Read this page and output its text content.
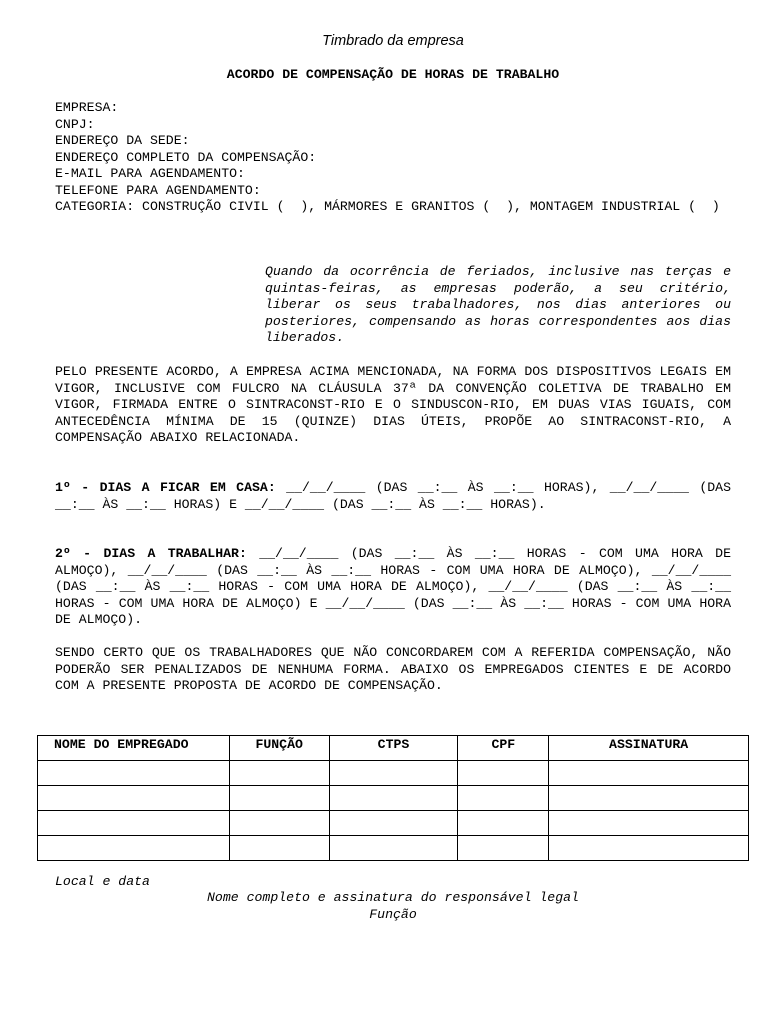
Timbrado da empresa
ACORDO DE COMPENSAÇÃO DE HORAS DE TRABALHO
EMPRESA:
CNPJ:
ENDEREÇO DA SEDE:
ENDEREÇO COMPLETO DA COMPENSAÇÃO:
E-MAIL PARA AGENDAMENTO:
TELEFONE PARA AGENDAMENTO:
CATEGORIA: CONSTRUÇÃO CIVIL (  ), MÁRMORES E GRANITOS (  ), MONTAGEM INDUSTRIAL (  )
Quando da ocorrência de feriados, inclusive nas terças e quintas-feiras, as empresas poderão, a seu critério, liberar os seus trabalhadores, nos dias anteriores ou posteriores, compensando as horas correspondentes aos dias liberados.
PELO PRESENTE ACORDO, A EMPRESA ACIMA MENCIONADA, NA FORMA DOS DISPOSITIVOS LEGAIS EM VIGOR, INCLUSIVE COM FULCRO NA CLÁUSULA 37ª DA CONVENÇÃO COLETIVA DE TRABALHO EM VIGOR, FIRMADA ENTRE O SINTRACONST-RIO E O SINDUSCON-RIO, EM DUAS VIAS IGUAIS, COM ANTECEDÊNCIA MÍNIMA DE 15 (QUINZE) DIAS ÚTEIS, PROPÕE AO SINTRACONST-RIO, A COMPENSAÇÃO ABAIXO RELACIONADA.
1º - DIAS A FICAR EM CASA: __/__/____ (DAS __:__ ÀS __:__ HORAS), __/__/____ (DAS __:__ ÀS __:__ HORAS) E __/__/____ (DAS __:__ ÀS __:__ HORAS).
2º - DIAS A TRABALHAR: __/__/____ (DAS __:__ ÀS __:__ HORAS - COM UMA HORA DE ALMOÇO), __/__/____ (DAS __:__ ÀS __:__ HORAS - COM UMA HORA DE ALMOÇO), __/__/____ (DAS __:__ ÀS __:__ HORAS - COM UMA HORA DE ALMOÇO), __/__/____ (DAS __:__ ÀS __:__ HORAS - COM UMA HORA DE ALMOÇO) E __/__/____ (DAS __:__ ÀS __:__ HORAS - COM UMA HORA DE ALMOÇO).
SENDO CERTO QUE OS TRABALHADORES QUE NÃO CONCORDAREM COM A REFERIDA COMPENSAÇÃO, NÃO PODERÃO SER PENALIZADOS DE NENHUMA FORMA. ABAIXO OS EMPREGADOS CIENTES E DE ACORDO COM A PRESENTE PROPOSTA DE ACORDO DE COMPENSAÇÃO.
NOME DO EMPREGADO	FUNÇÃO	CTPS	CPF	ASSINATURA

Local e data
Nome completo e assinatura do responsável legal
Função
